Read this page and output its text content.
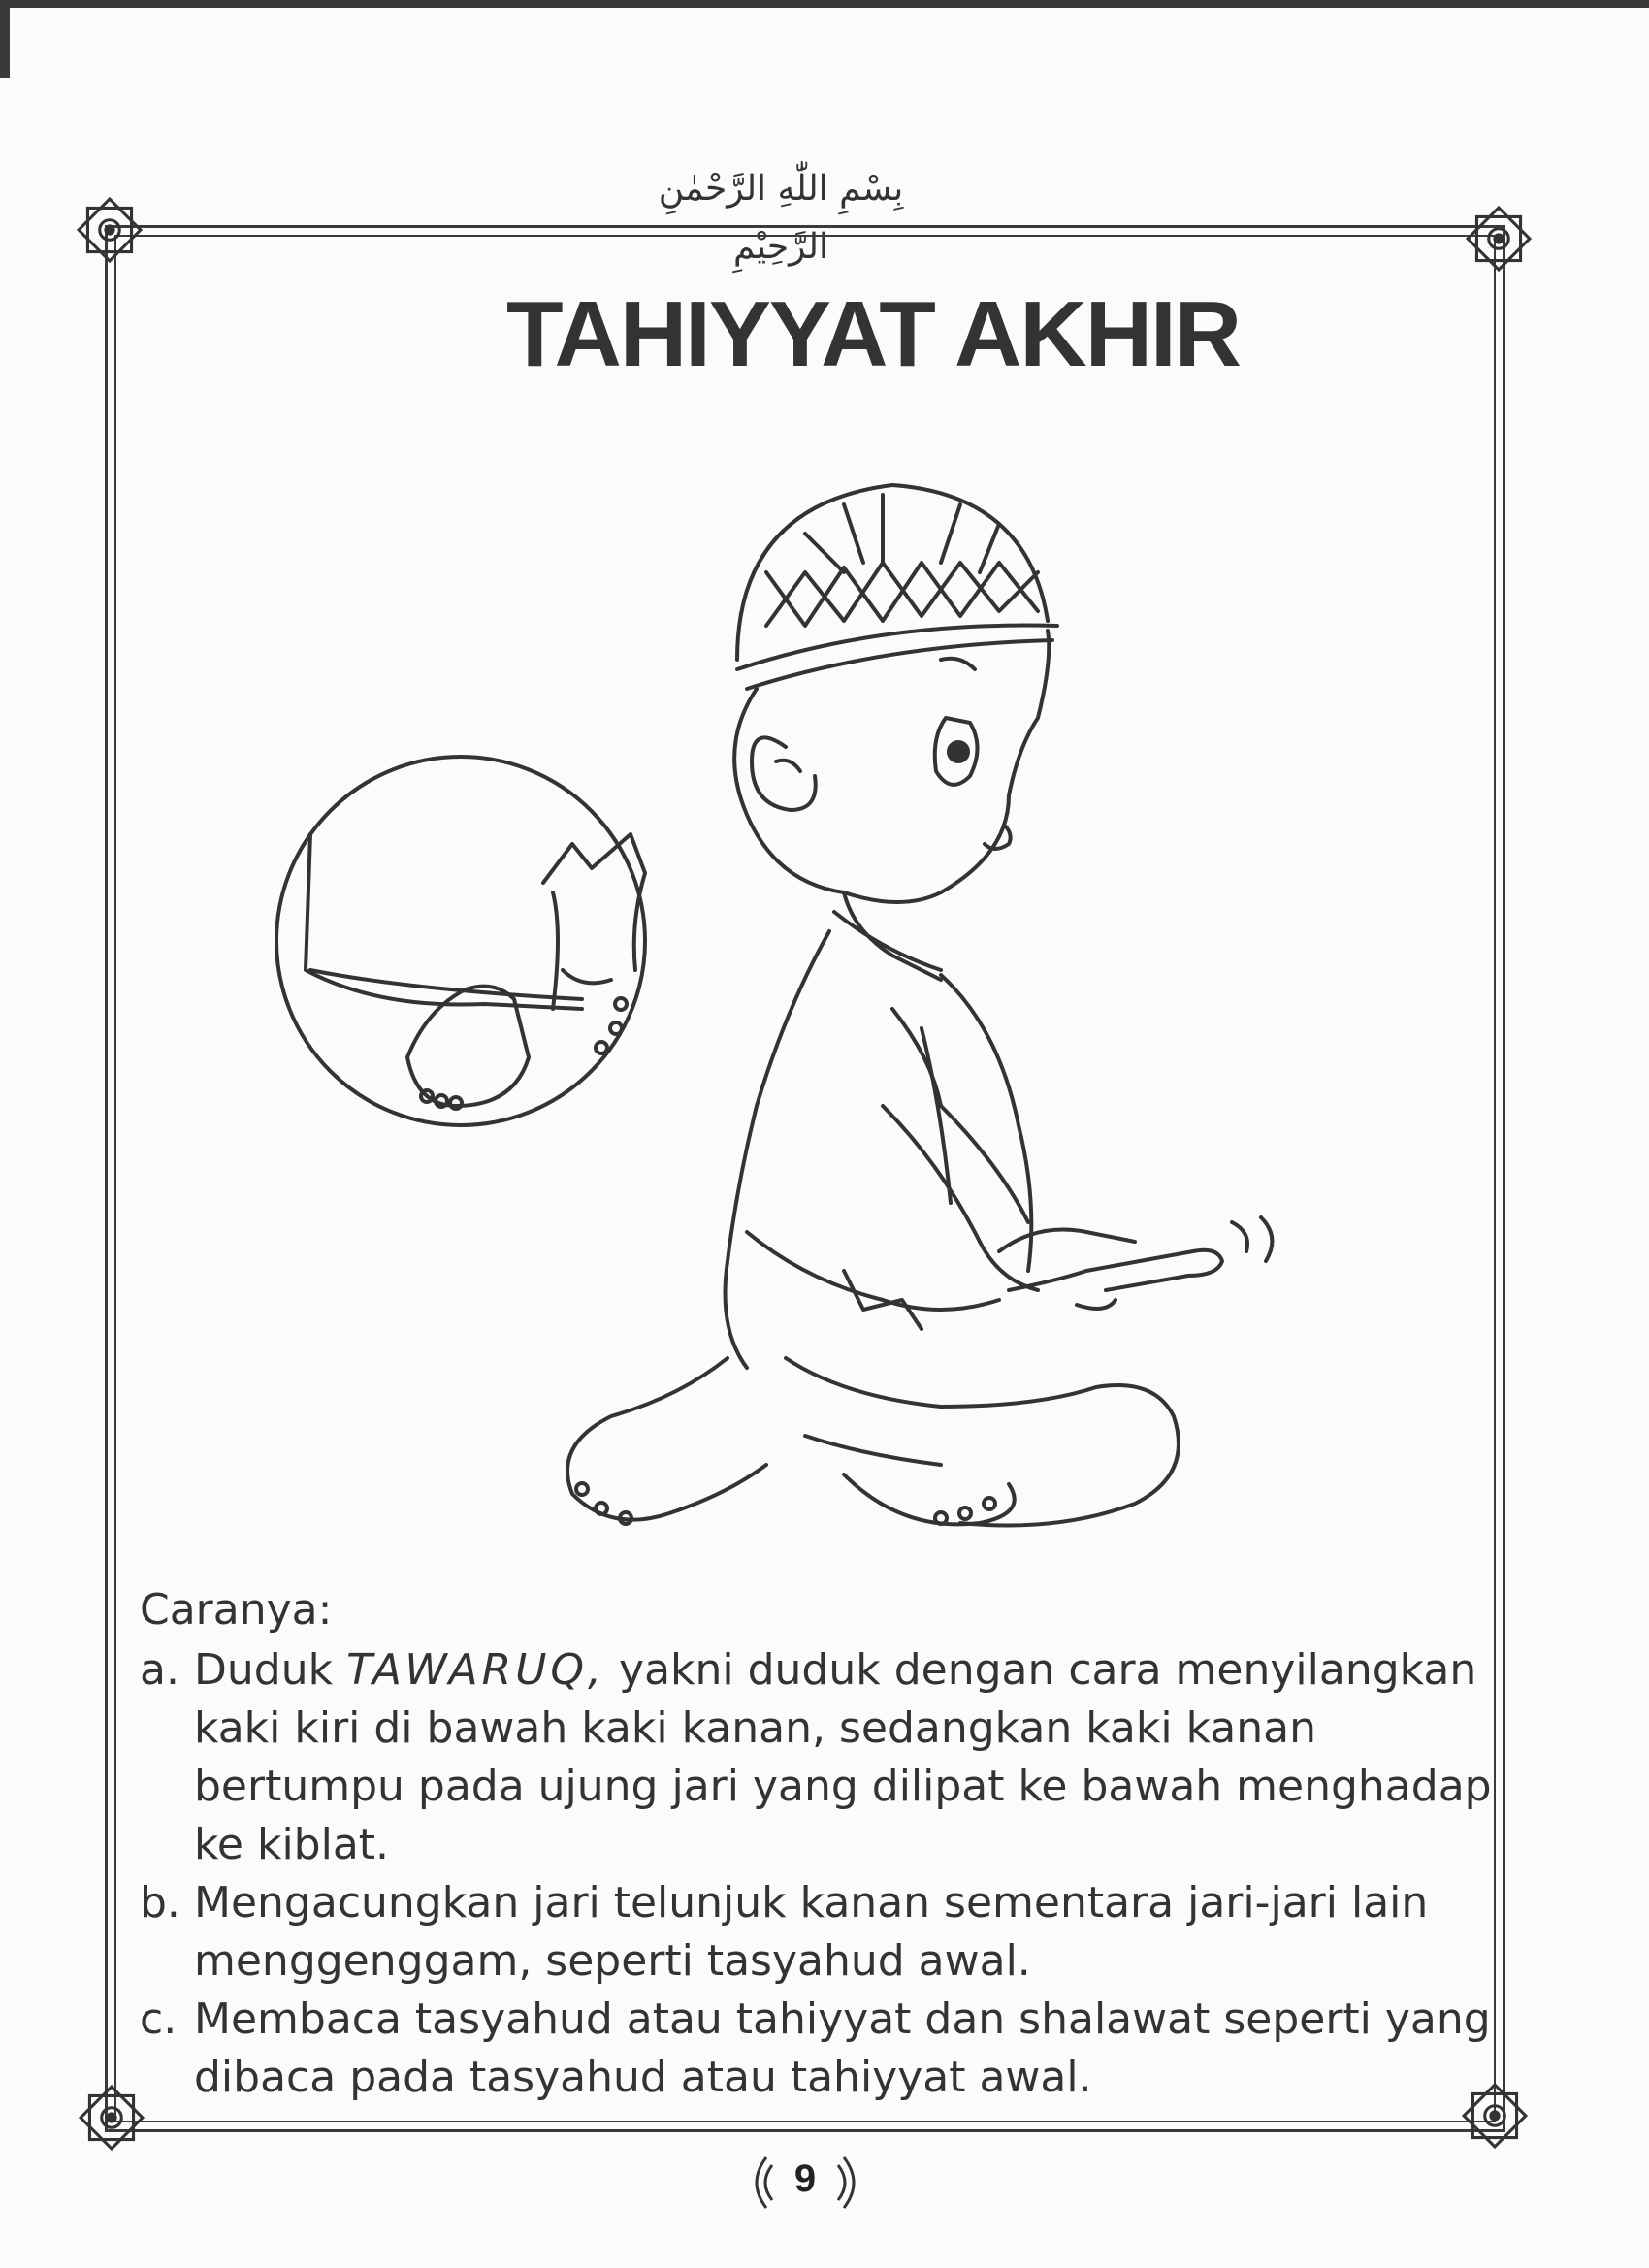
بِسْمِ اللّٰهِ الرَّحْمٰنِ الرَّحِيْمِ
TAHIYYAT AKHIR

Caranya:

a. Duduk TAWARUQ, yakni duduk dengan cara menyilangkan kaki kiri di bawah kaki kanan, sedangkan kaki kanan bertumpu pada ujung jari yang dilipat ke bawah menghadap ke kiblat.
b. Mengacungkan jari telunjuk kanan sementara jari-jari lain menggenggam, seperti tasyahud awal.
c. Membaca tasyahud atau tahiyyat dan shalawat seperti yang dibaca pada tasyahud atau tahiyyat awal.
9
